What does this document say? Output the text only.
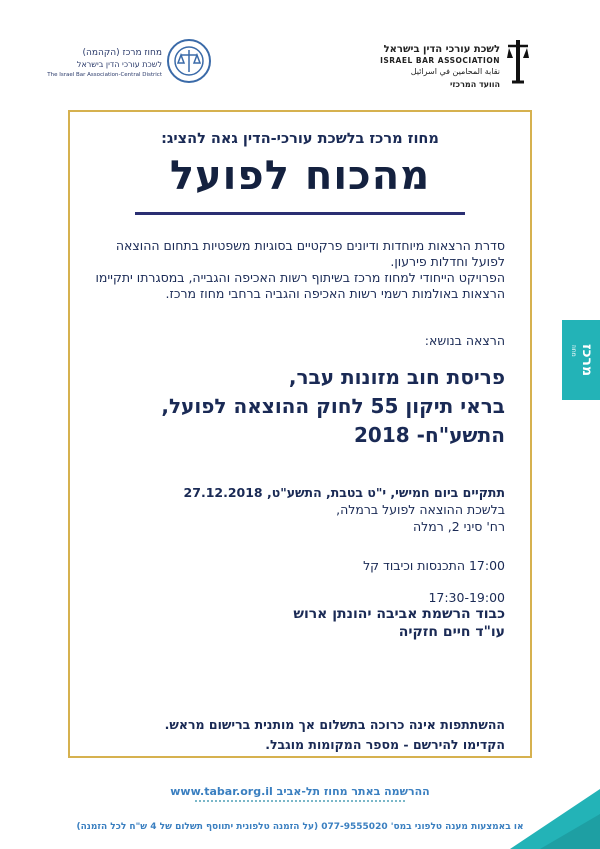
לשכת עורכי הדין בישראל
ISRAEL BAR ASSOCIATION
نقابة المحامين في اسرائيل
הוועד המרכזי
מחוז מרכז (הקהמה)
לשכת עורכי הדין בישראל
The Israel Bar Association-Central District
מחוז מרכז בלשכת עורכי-הדין גאה להציג:
מהכוח לפועל
סדרת הרצאות מיוחדות ודיונים פרקטיים בסוגיות משפטיות בתחום ההוצאה לפועל וחדלות פירעון.
הפרויקט הייחודי למחוז מרכז בשיתוף רשות האכיפה והגבייה, במסגרתו יתקיימו הרצאות באולמות רשמי רשות האכיפה והגביה ברחבי מחוז מרכז.
הרצאה בנושא:
פריסת חוב מזונות עבר,
בראי תיקון 55 לחוק ההוצאה לפועל,
התשע"ח- 2018
תתקיים ביום חמישי, י"ט בטבת, התשע"ט, 27.12.2018
בלשכת ההוצאה לפועל ברמלה,
רח' סיני 2, רמלה
17:00 התכנסות וכיבוד קל
17:30-19:00
כבוד הרשמת אביבה יהונתן ארוש
עו"ד חיים חזקיה
ההשתתפות אינה כרוכה בתשלום אך מותנית ברישום מראש.
הקדימו להירשם - מספר המקומות מוגבל.
ההרשמה באתר מחוז תל-אביב www.tabar.org.il
או באמצעות מענה טלפוני במס' 077-9555020 (על הזמנה טלפונית יתווסף תשלום של 4 ש"ח לכל הזמנה)
מרכז
מחוז
